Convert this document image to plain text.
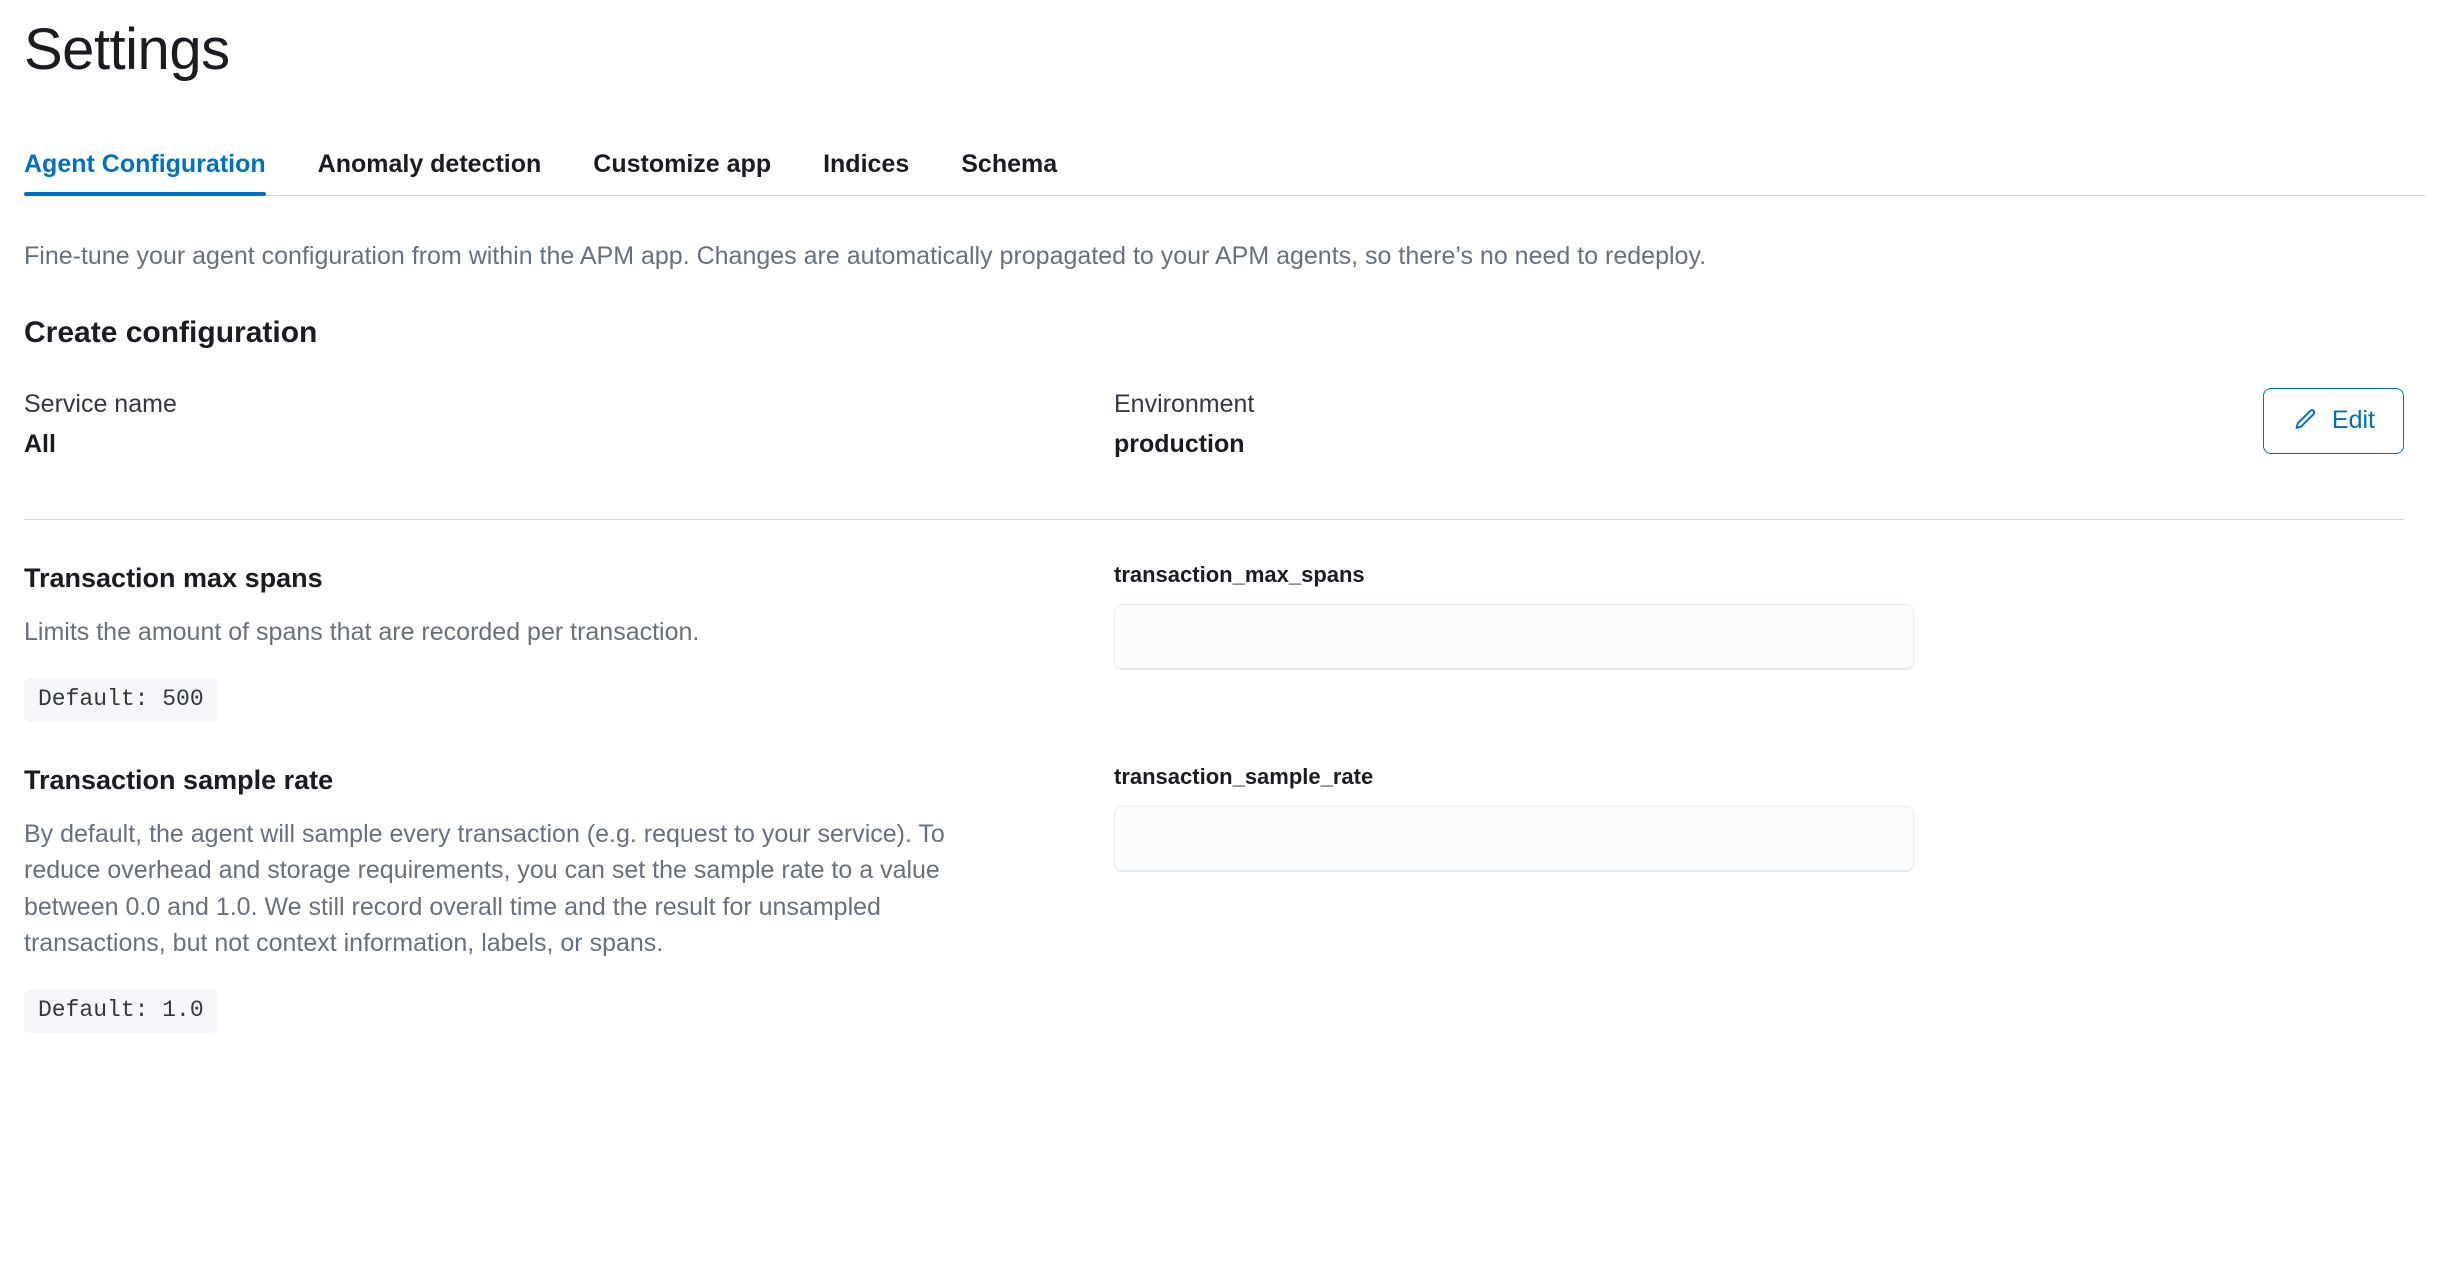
Settings
Agent Configuration	Anomaly detection	Customize app	Indices	Schema

Fine-tune your agent configuration from within the APM app. Changes are automatically propagated to your APM agents, so there’s no need to redeploy.

Create configuration
Service name
All
Environment
production
Edit
Transaction max spans
Limits the amount of spans that are recorded per transaction.
Default: 500
transaction_max_spans
Transaction sample rate
By default, the agent will sample every transaction (e.g. request to your service). To reduce overhead and storage requirements, you can set the sample rate to a value between 0.0 and 1.0. We still record overall time and the result for unsampled transactions, but not context information, labels, or spans.
Default: 1.0
transaction_sample_rate
